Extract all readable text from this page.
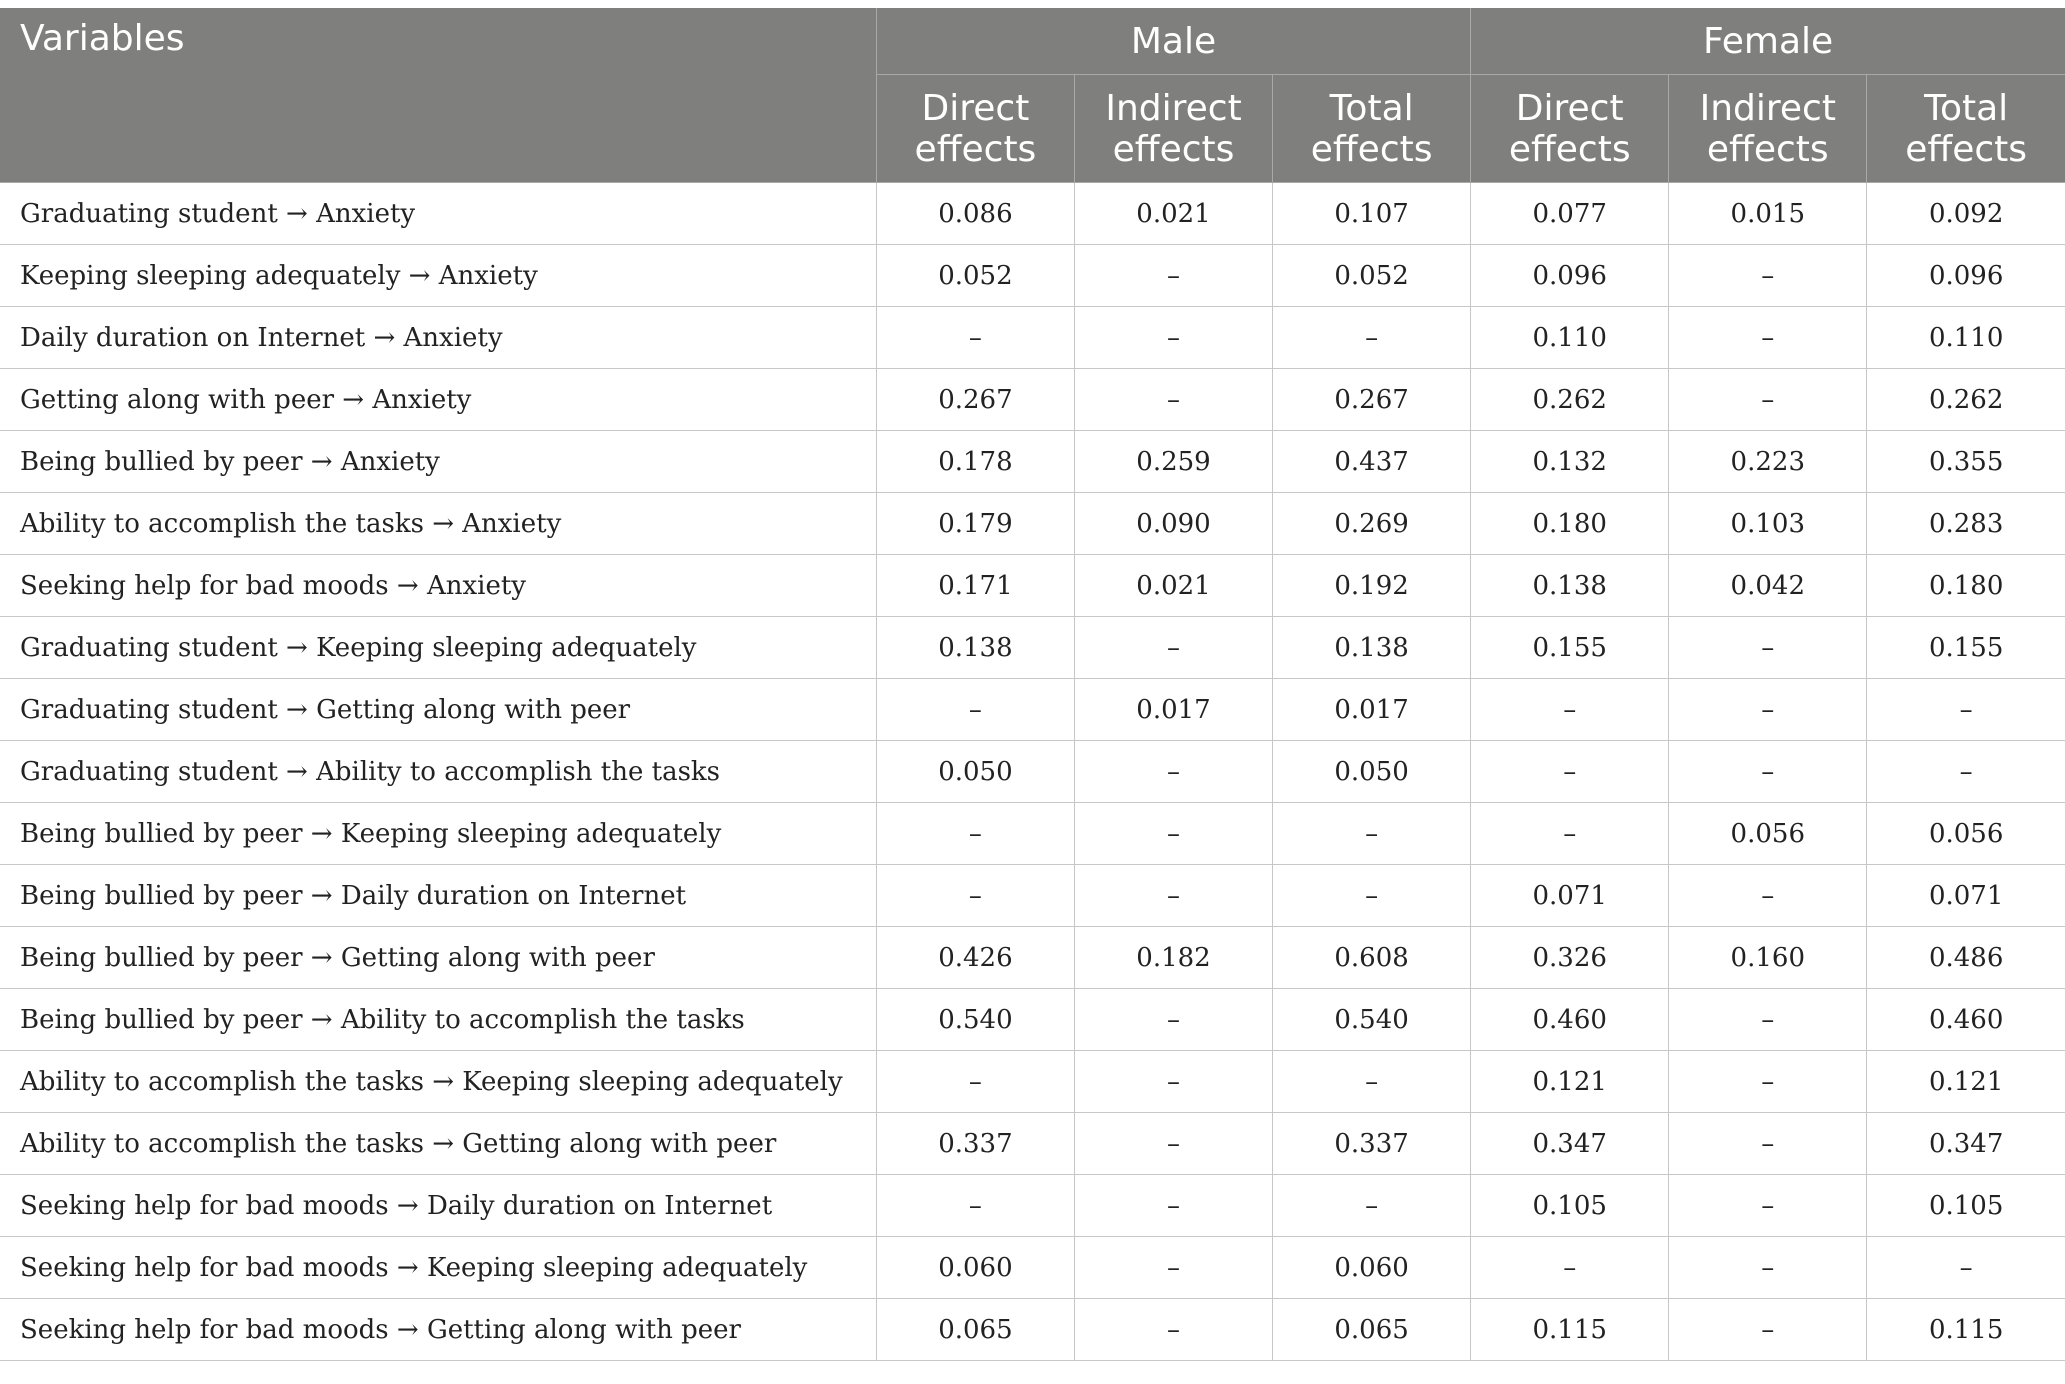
Variables	Male			Female		
	Direct effects	Indirect effects	Total effects	Direct effects	Indirect effects	Total effects
Graduating student → Anxiety	0.086	0.021	0.107	0.077	0.015	0.092
Keeping sleeping adequately → Anxiety	0.052	–	0.052	0.096	–	0.096
Daily duration on Internet → Anxiety	–	–	–	0.110	–	0.110
Getting along with peer → Anxiety	0.267	–	0.267	0.262	–	0.262
Being bullied by peer → Anxiety	0.178	0.259	0.437	0.132	0.223	0.355
Ability to accomplish the tasks → Anxiety	0.179	0.090	0.269	0.180	0.103	0.283
Seeking help for bad moods → Anxiety	0.171	0.021	0.192	0.138	0.042	0.180
Graduating student → Keeping sleeping adequately	0.138	–	0.138	0.155	–	0.155
Graduating student → Getting along with peer	–	0.017	0.017	–	–	–
Graduating student → Ability to accomplish the tasks	0.050	–	0.050	–	–	–
Being bullied by peer → Keeping sleeping adequately	–	–	–	–	0.056	0.056
Being bullied by peer → Daily duration on Internet	–	–	–	0.071	–	0.071
Being bullied by peer → Getting along with peer	0.426	0.182	0.608	0.326	0.160	0.486
Being bullied by peer → Ability to accomplish the tasks	0.540	–	0.540	0.460	–	0.460
Ability to accomplish the tasks → Keeping sleeping adequately	–	–	–	0.121	–	0.121
Ability to accomplish the tasks → Getting along with peer	0.337	–	0.337	0.347	–	0.347
Seeking help for bad moods → Daily duration on Internet	–	–	–	0.105	–	0.105
Seeking help for bad moods → Keeping sleeping adequately	0.060	–	0.060	–	–	–
Seeking help for bad moods → Getting along with peer	0.065	–	0.065	0.115	–	0.115
